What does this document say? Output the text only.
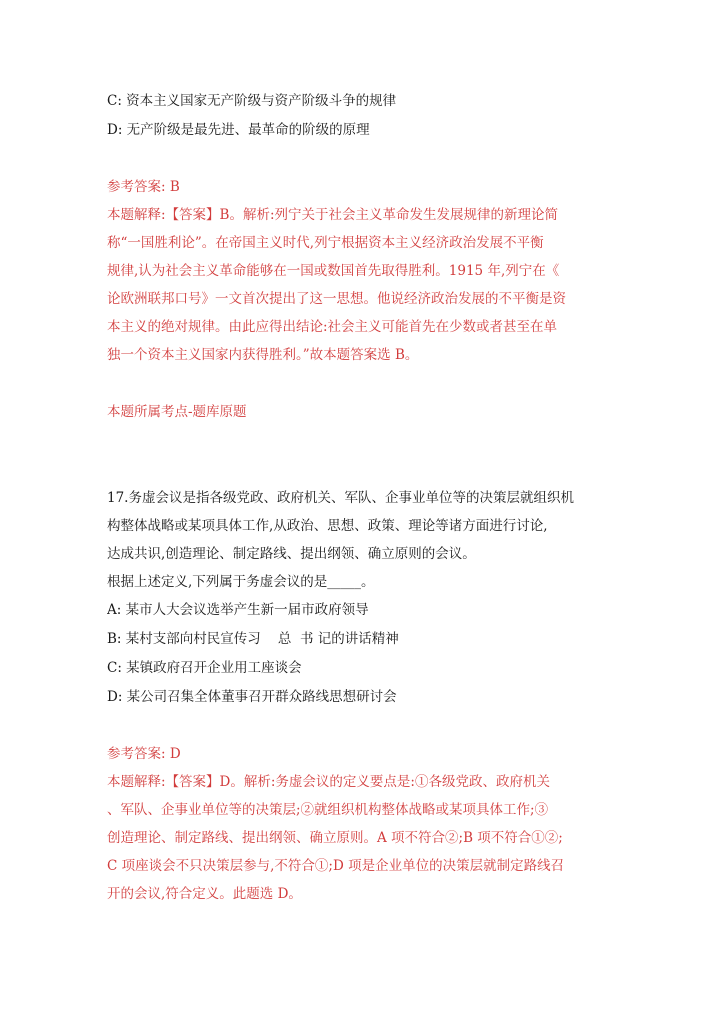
C: 资本主义国家无产阶级与资产阶级斗争的规律
D: 无产阶级是最先进、最革命的阶级的原理
参考答案: B
本题解释:【答案】B。解析:列宁关于社会主义革命发生发展规律的新理论简
称“一国胜利论”。在帝国主义时代,列宁根据资本主义经济政治发展不平衡
规律,认为社会主义革命能够在一国或数国首先取得胜利。1915 年,列宁在《
论欧洲联邦口号》一文首次提出了这一思想。他说经济政治发展的不平衡是资
本主义的绝对规律。由此应得出结论:社会主义可能首先在少数或者甚至在单
独一个资本主义国家内获得胜利。”故本题答案选 B。
本题所属考点-题库原题
17.务虚会议是指各级党政、政府机关、军队、企事业单位等的决策层就组织机
构整体战略或某项具体工作,从政治、思想、政策、理论等诸方面进行讨论,
达成共识,创造理论、制定路线、提出纲领、确立原则的会议。
根据上述定义,下列属于务虚会议的是_____。
A: 某市人大会议选举产生新一届市政府领导
B: 某村支部向村民宣传习    总  书 记的讲话精神
C: 某镇政府召开企业用工座谈会
D: 某公司召集全体董事召开群众路线思想研讨会
参考答案: D
本题解释:【答案】D。解析:务虚会议的定义要点是:①各级党政、政府机关
、军队、企事业单位等的决策层;②就组织机构整体战略或某项具体工作;③
创造理论、制定路线、提出纲领、确立原则。A 项不符合②;B 项不符合①②;
C 项座谈会不只决策层参与,不符合①;D 项是企业单位的决策层就制定路线召
开的会议,符合定义。此题选 D。
